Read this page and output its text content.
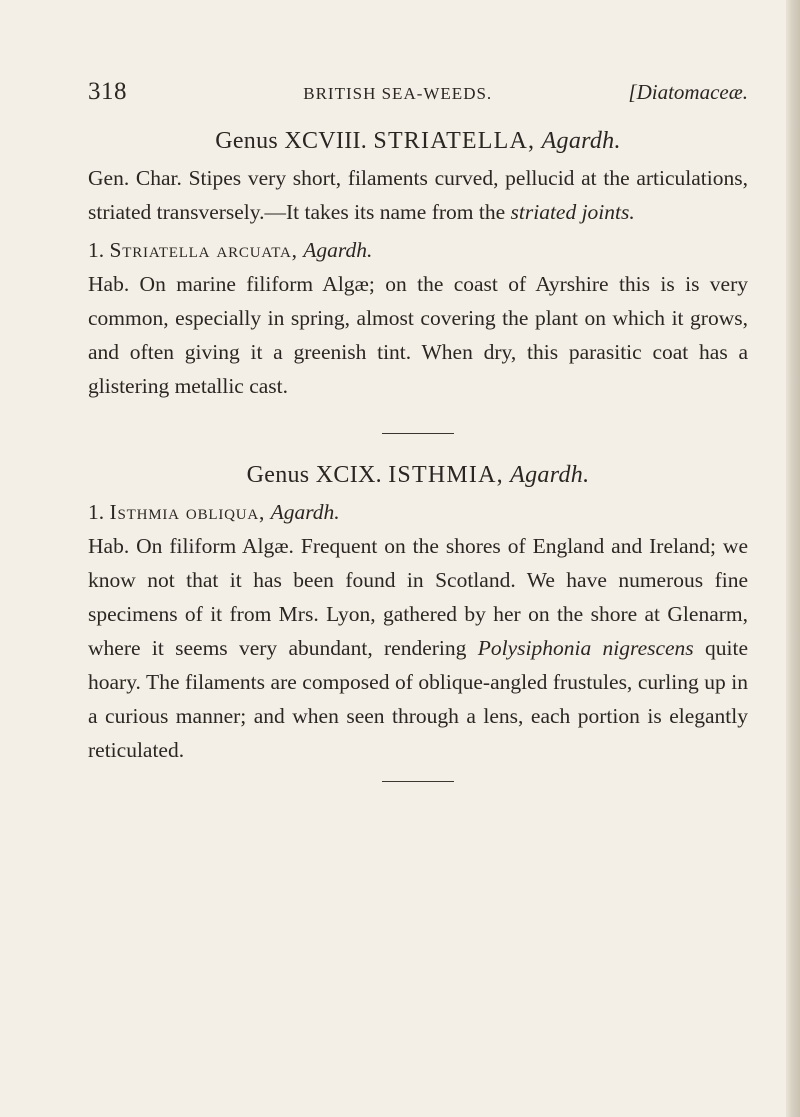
318	BRITISH SEA-WEEDS.	[Diatomaceæ.
Genus XCVIII. STRIATELLA, Agardh.

Gen. Char. Stipes very short, filaments curved, pellucid at the articulations, striated transversely.—It takes its name from the striated joints.

1. Striatella arcuata, Agardh.

Hab. On marine filiform Algæ; on the coast of Ayrshire this is is very common, especially in spring, almost covering the plant on which it grows, and often giving it a greenish tint. When dry, this parasitic coat has a glistering metallic cast.

Genus XCIX. ISTHMIA, Agardh.

1. Isthmia obliqua, Agardh.

Hab. On filiform Algæ. Frequent on the shores of England and Ireland; we know not that it has been found in Scotland. We have numerous fine specimens of it from Mrs. Lyon, gathered by her on the shore at Glenarm, where it seems very abundant, rendering Polysiphonia nigrescens quite hoary. The filaments are composed of oblique-angled frustules, curling up in a curious manner; and when seen through a lens, each portion is elegantly reticulated.
